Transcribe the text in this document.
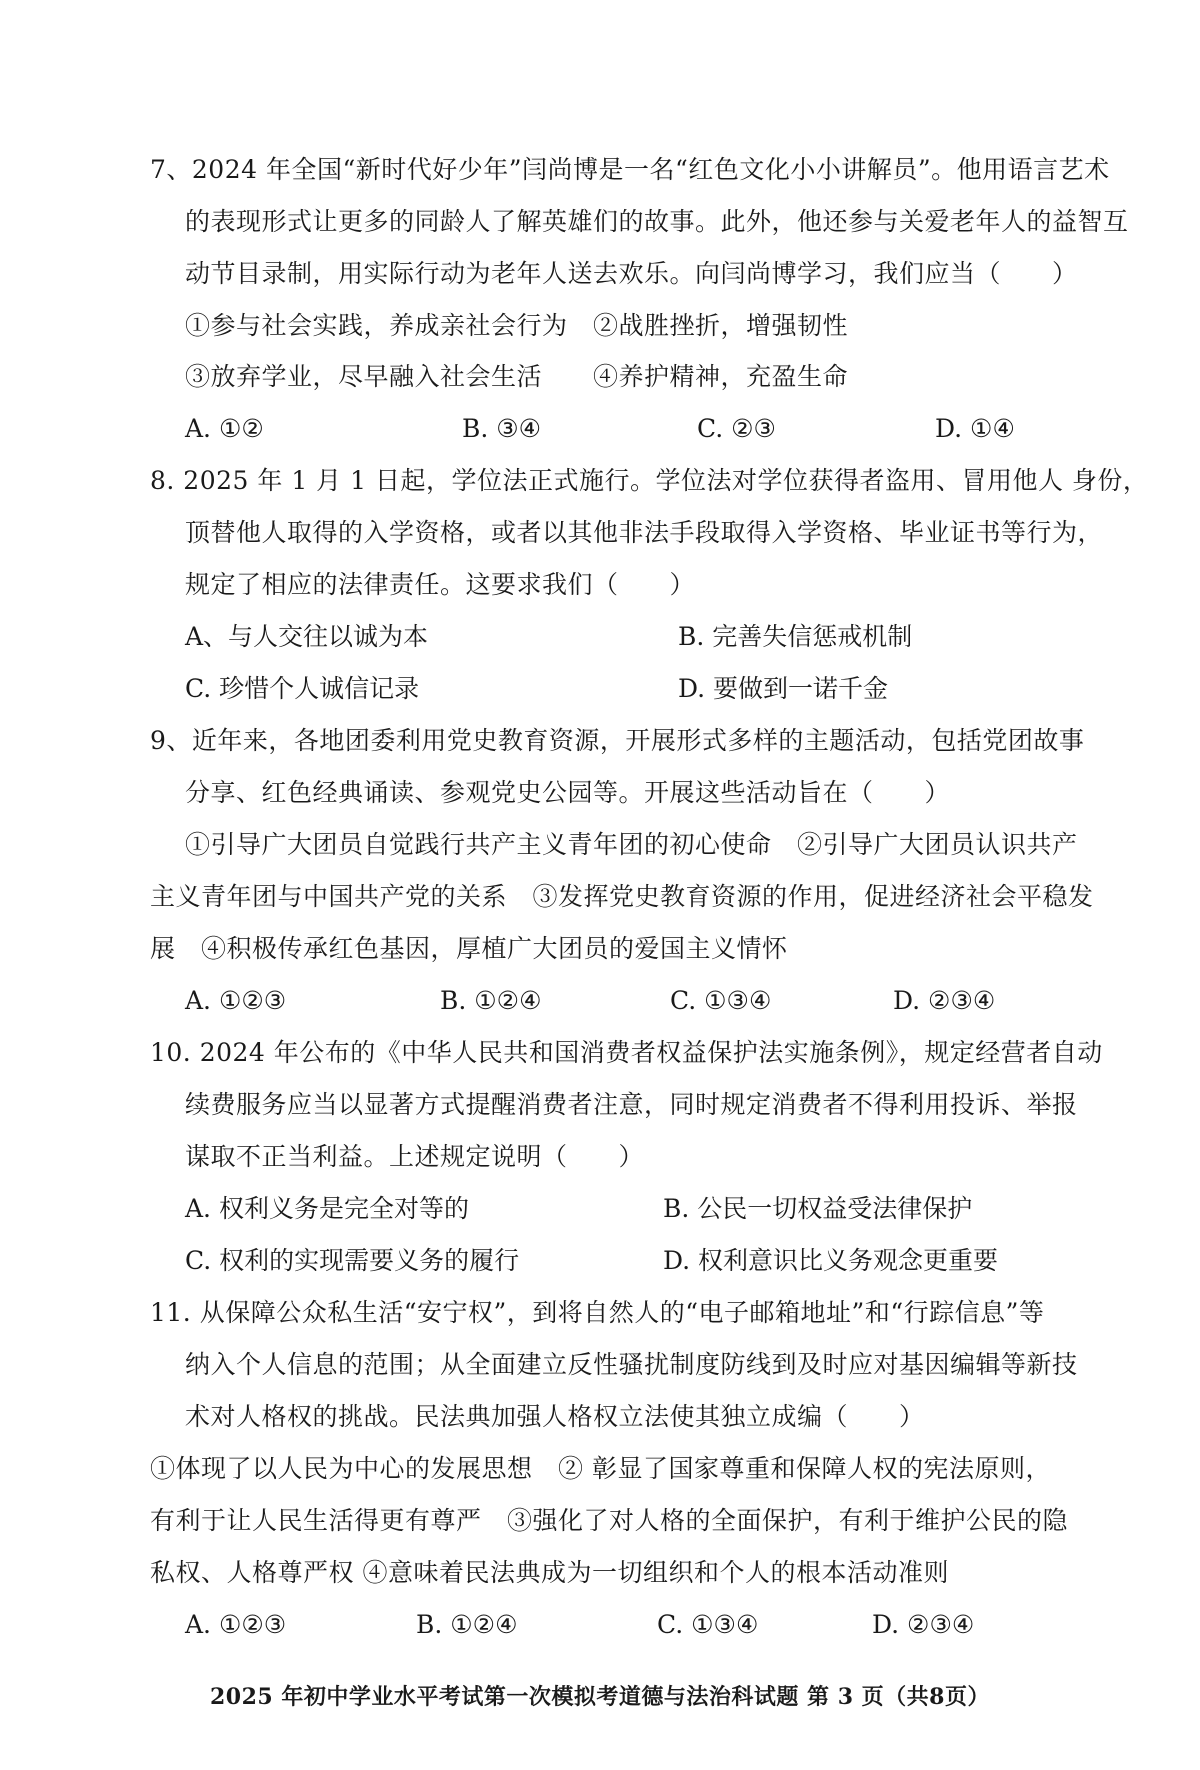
7、2024 年全国“新时代好少年”闫尚博是一名“红色文化小小讲解员”。他用语言艺术
的表现形式让更多的同龄人了解英雄们的故事。此外，他还参与关爱老年人的益智互
动节目录制，用实际行动为老年人送去欢乐。向闫尚博学习，我们应当（　　）
①参与社会实践，养成亲社会行为　②战胜挫折，增强韧性
③放弃学业，尽早融入社会生活　　④养护精神，充盈生命
A. ①②	B. ③④	C. ②③	D. ①④
8. 2025 年 1 月 1 日起，学位法正式施行。学位法对学位获得者盗用、冒用他人 身份，
顶替他人取得的入学资格，或者以其他非法手段取得入学资格、毕业证书等行为，
规定了相应的法律责任。这要求我们（　　）
A、与人交往以诚为本	B. 完善失信惩戒机制
C. 珍惜个人诚信记录	D. 要做到一诺千金
9、近年来，各地团委利用党史教育资源，开展形式多样的主题活动，包括党团故事
分享、红色经典诵读、参观党史公园等。开展这些活动旨在（　　）
①引导广大团员自觉践行共产主义青年团的初心使命　②引导广大团员认识共产
主义青年团与中国共产党的关系　③发挥党史教育资源的作用，促进经济社会平稳发
展　④积极传承红色基因，厚植广大团员的爱国主义情怀
A. ①②③	B. ①②④	C. ①③④	D. ②③④
10. 2024 年公布的《中华人民共和国消费者权益保护法实施条例》，规定经营者自动
续费服务应当以显著方式提醒消费者注意，同时规定消费者不得利用投诉、举报
谋取不正当利益。上述规定说明（　　）
A. 权利义务是完全对等的	B. 公民一切权益受法律保护
C. 权利的实现需要义务的履行	D. 权利意识比义务观念更重要
11. 从保障公众私生活“安宁权”，到将自然人的“电子邮箱地址”和“行踪信息”等
纳入个人信息的范围；从全面建立反性骚扰制度防线到及时应对基因编辑等新技
术对人格权的挑战。民法典加强人格权立法使其独立成编（　　）
①体现了以人民为中心的发展思想　② 彰显了国家尊重和保障人权的宪法原则，
有利于让人民生活得更有尊严　③强化了对人格的全面保护，有利于维护公民的隐
私权、人格尊严权 ④意味着民法典成为一切组织和个人的根本活动准则
A. ①②③	B. ①②④	C. ①③④	D. ②③④
2025 年初中学业水平考试第一次模拟考道德与法治科试题 第 3 页（共8页）
